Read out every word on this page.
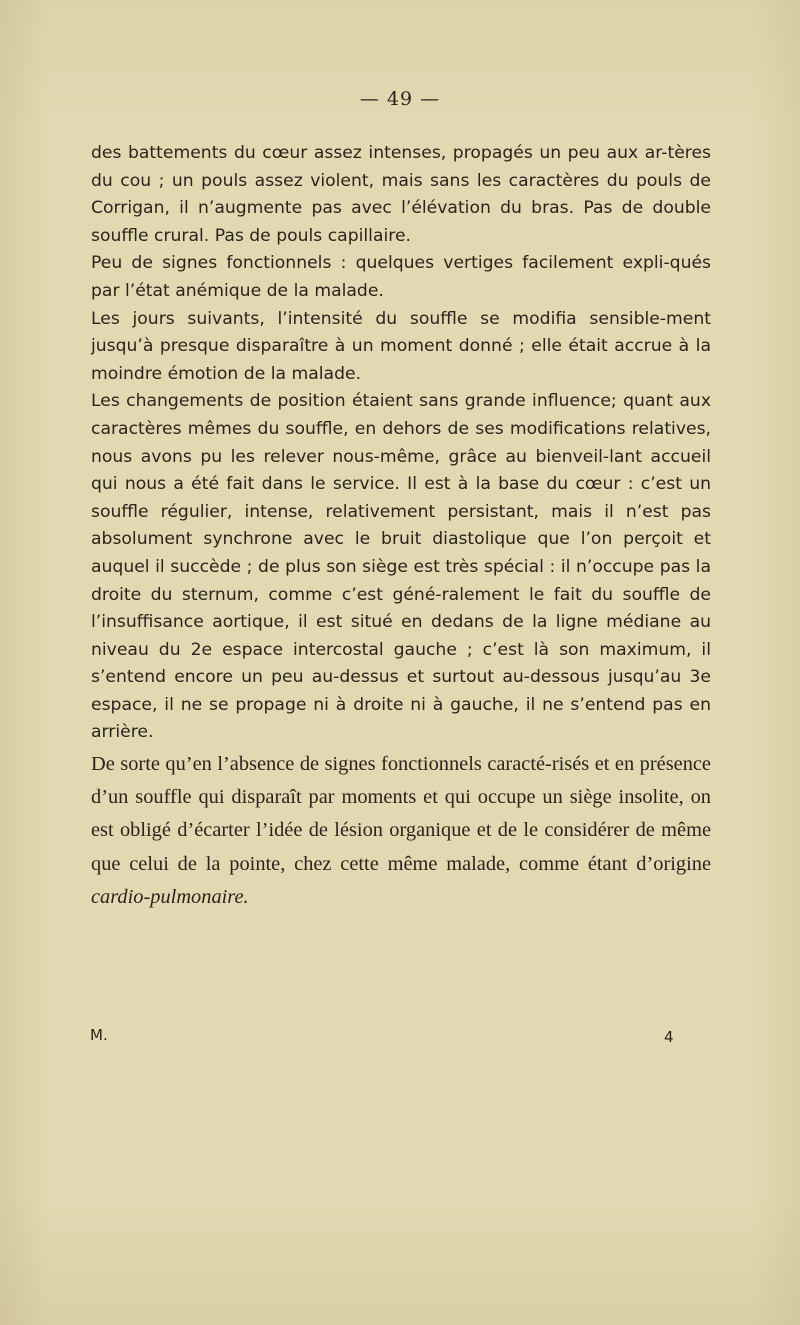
— 49 —

des battements du cœur assez intenses, propagés un peu aux ar-tères du cou ; un pouls assez violent, mais sans les caractères du pouls de Corrigan, il n’augmente pas avec l’élévation du bras. Pas de double souffle crural. Pas de pouls capillaire.

Peu de signes fonctionnels : quelques vertiges facilement expli-qués par l’état anémique de la malade.

Les jours suivants, l’intensité du souffle se modifia sensible-ment jusqu’à presque disparaître à un moment donné ; elle était accrue à la moindre émotion de la malade.

Les changements de position étaient sans grande influence; quant aux caractères mêmes du souffle, en dehors de ses modifications relatives, nous avons pu les relever nous-même, grâce au bienveil-lant accueil qui nous a été fait dans le service. Il est à la base du cœur : c’est un souffle régulier, intense, relativement persistant, mais il n’est pas absolument synchrone avec le bruit diastolique que l’on perçoit et auquel il succède ; de plus son siège est très spécial : il n’occupe pas la droite du sternum, comme c’est géné-ralement le fait du souffle de l’insuffisance aortique, il est situé en dedans de la ligne médiane au niveau du 2e espace intercostal gauche ; c’est là son maximum, il s’entend encore un peu au-dessus et surtout au-dessous jusqu’au 3e espace, il ne se propage ni à droite ni à gauche, il ne s’entend pas en arrière.

De sorte qu’en l’absence de signes fonctionnels caracté-risés et en présence d’un souffle qui disparaît par moments et qui occupe un siège insolite, on est obligé d’écarter l’idée de lésion organique et de le considérer de même que celui de la pointe, chez cette même malade, comme étant d’origine cardio-pulmonaire.

M.	4
